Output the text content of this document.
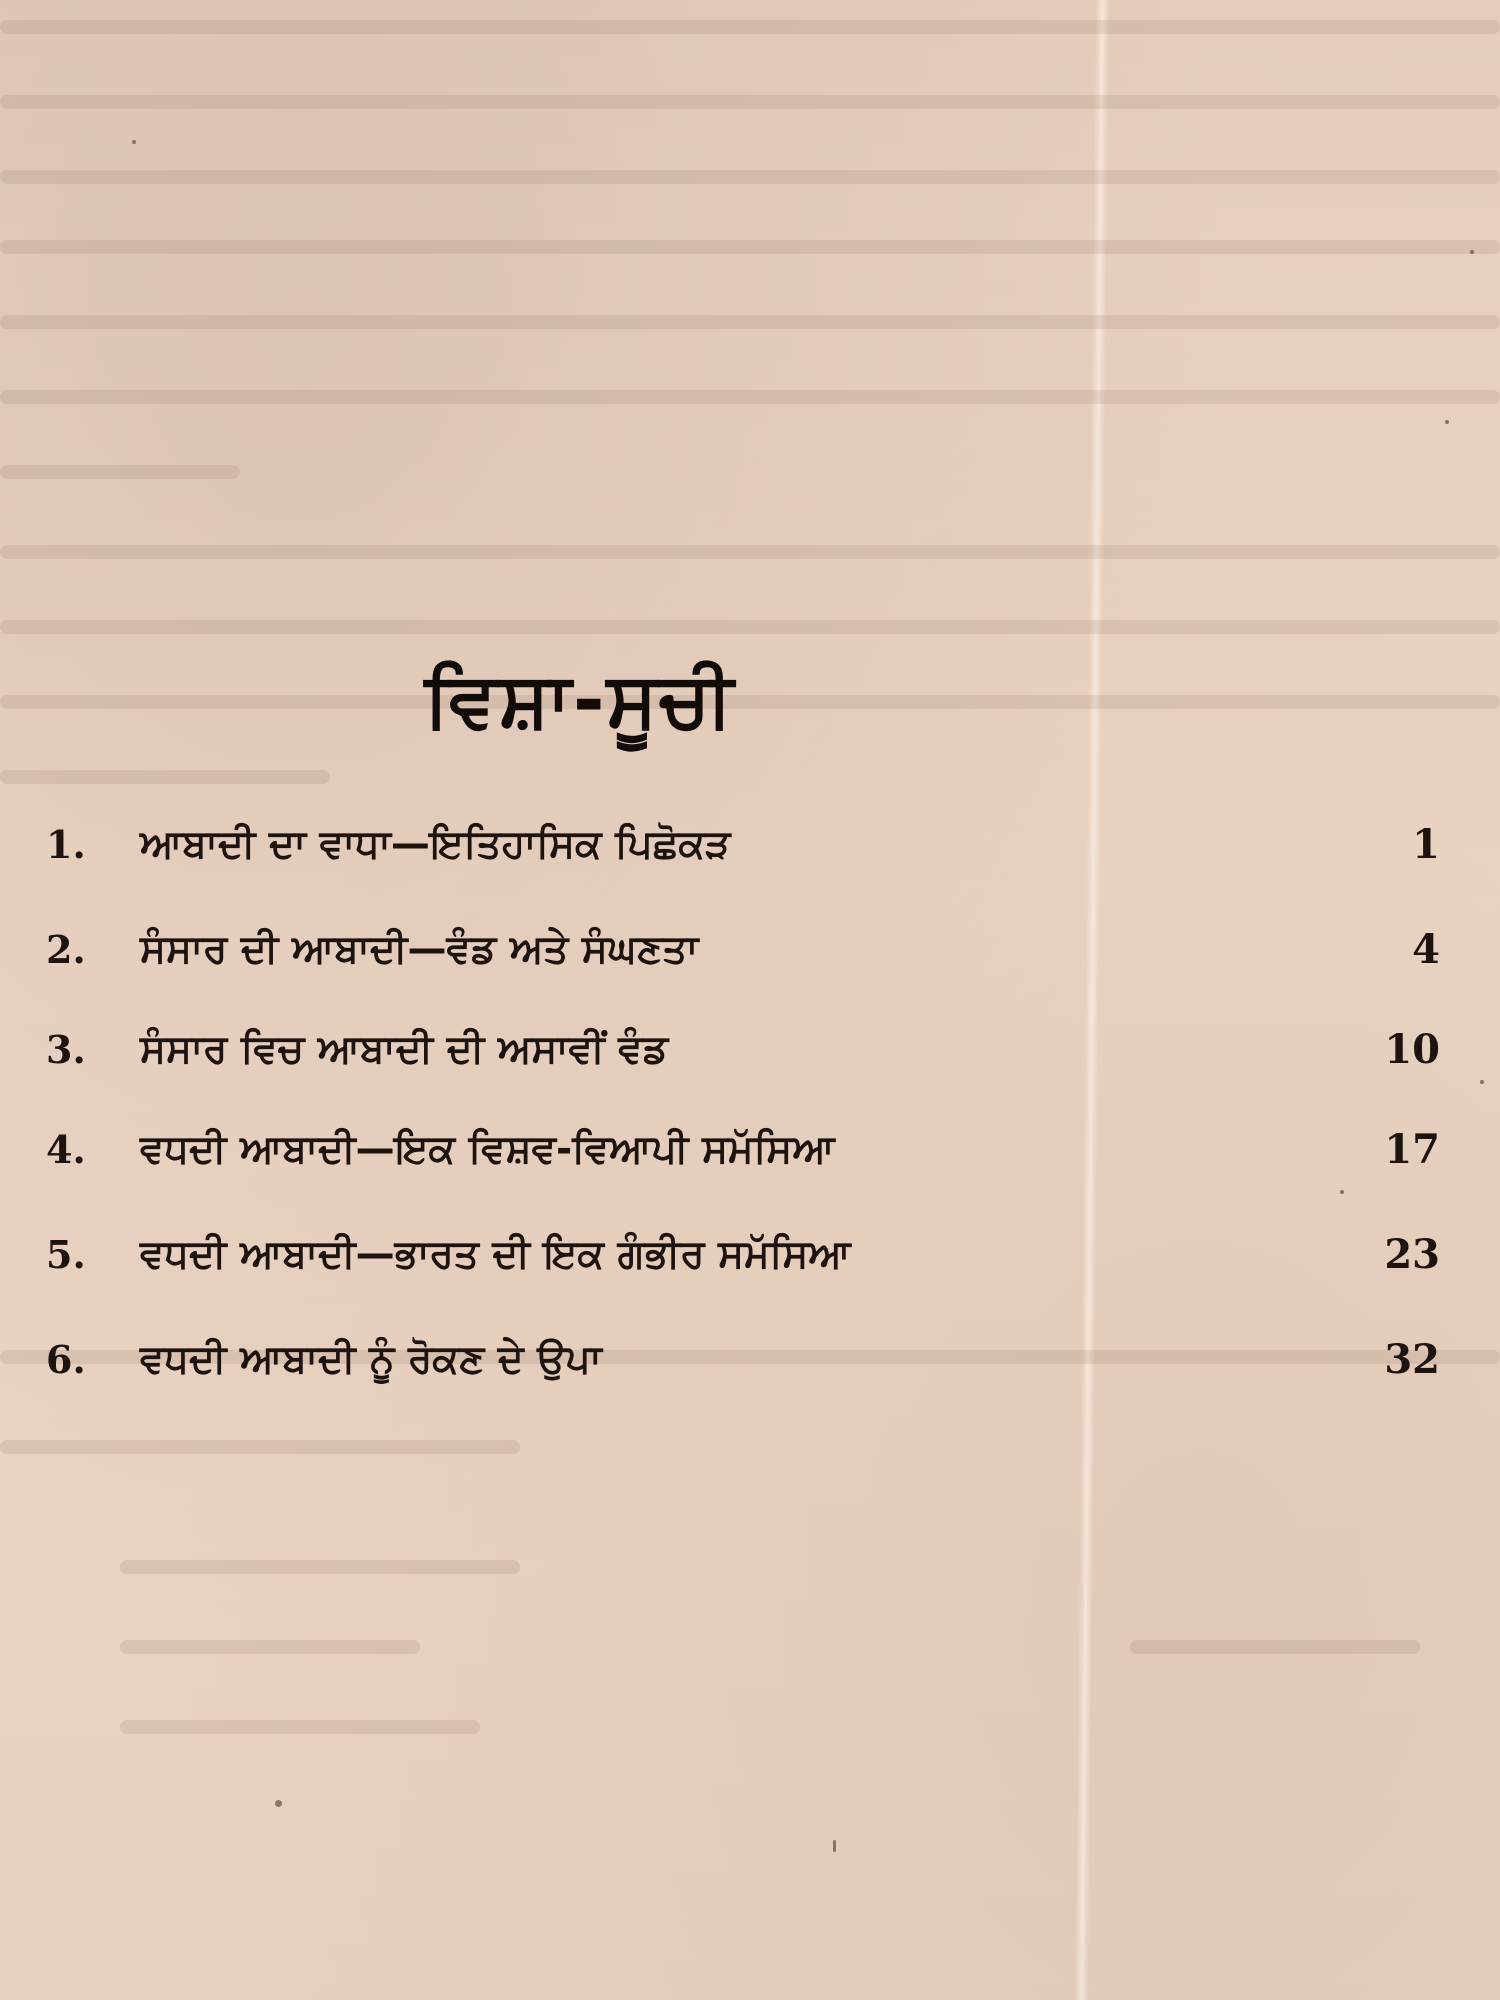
ਵਿਸ਼ਾ-ਸੂਚੀ
1. ਆਬਾਦੀ ਦਾ ਵਾਧਾ—ਇਤਿਹਾਸਿਕ ਪਿਛੋਕੜ	1
2. ਸੰਸਾਰ ਦੀ ਆਬਾਦੀ—ਵੰਡ ਅਤੇ ਸੰਘਣਤਾ	4
3. ਸੰਸਾਰ ਵਿਚ ਆਬਾਦੀ ਦੀ ਅਸਾਵੀਂ ਵੰਡ	10
4. ਵਧਦੀ ਆਬਾਦੀ—ਇਕ ਵਿਸ਼ਵ-ਵਿਆਪੀ ਸਮੱਸਿਆ	17
5. ਵਧਦੀ ਆਬਾਦੀ—ਭਾਰਤ ਦੀ ਇਕ ਗੰਭੀਰ ਸਮੱਸਿਆ	23
6. ਵਧਦੀ ਆਬਾਦੀ ਨੂੰ ਰੋਕਣ ਦੇ ਉਪਾ	32
